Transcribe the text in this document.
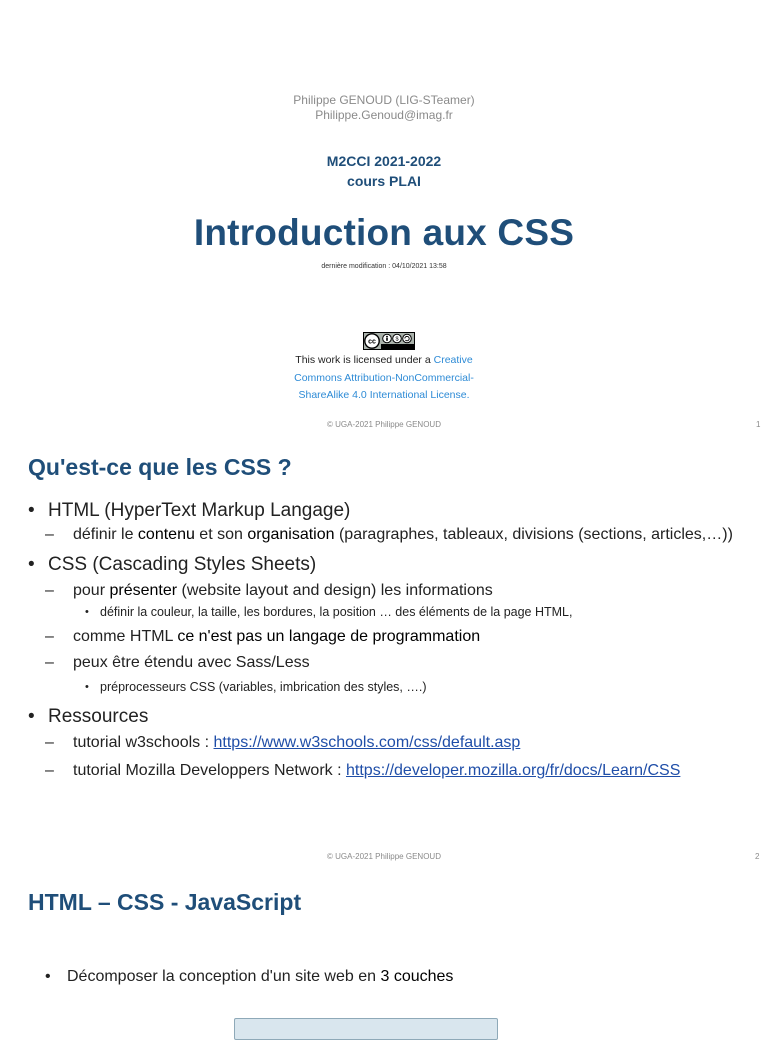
Philippe GENOUD (LIG-STeamer)
Philippe.Genoud@imag.fr
M2CCI 2021-2022
cours PLAI
Introduction aux CSS
dernière modification : 04/10/2021 13:58
cc	$
This work is licensed under a Creative
Commons Attribution-NonCommercial-
ShareAlike 4.0 International License.
© UGA-2021 Philippe GENOUD	1
Qu'est-ce que les CSS ?
• HTML (HyperText Markup Langage)
– définir le contenu et son organisation (paragraphes, tableaux, divisions (sections, articles,…))
• CSS (Cascading Styles Sheets)
– pour présenter (website layout and design) les informations
• définir la couleur, la taille, les bordures, la position … des éléments de la page HTML,
– comme HTML ce n'est pas un langage de programmation
– peux être étendu avec Sass/Less
• préprocesseurs CSS (variables, imbrication des styles, ….)
• Ressources
– tutorial w3schools : https://www.w3schools.com/css/default.asp
– tutorial Mozilla Developpers Network : https://developer.mozilla.org/fr/docs/Learn/CSS
© UGA-2021 Philippe GENOUD	2
HTML – CSS - JavaScript
• Décomposer la conception d'un site web en 3 couches
